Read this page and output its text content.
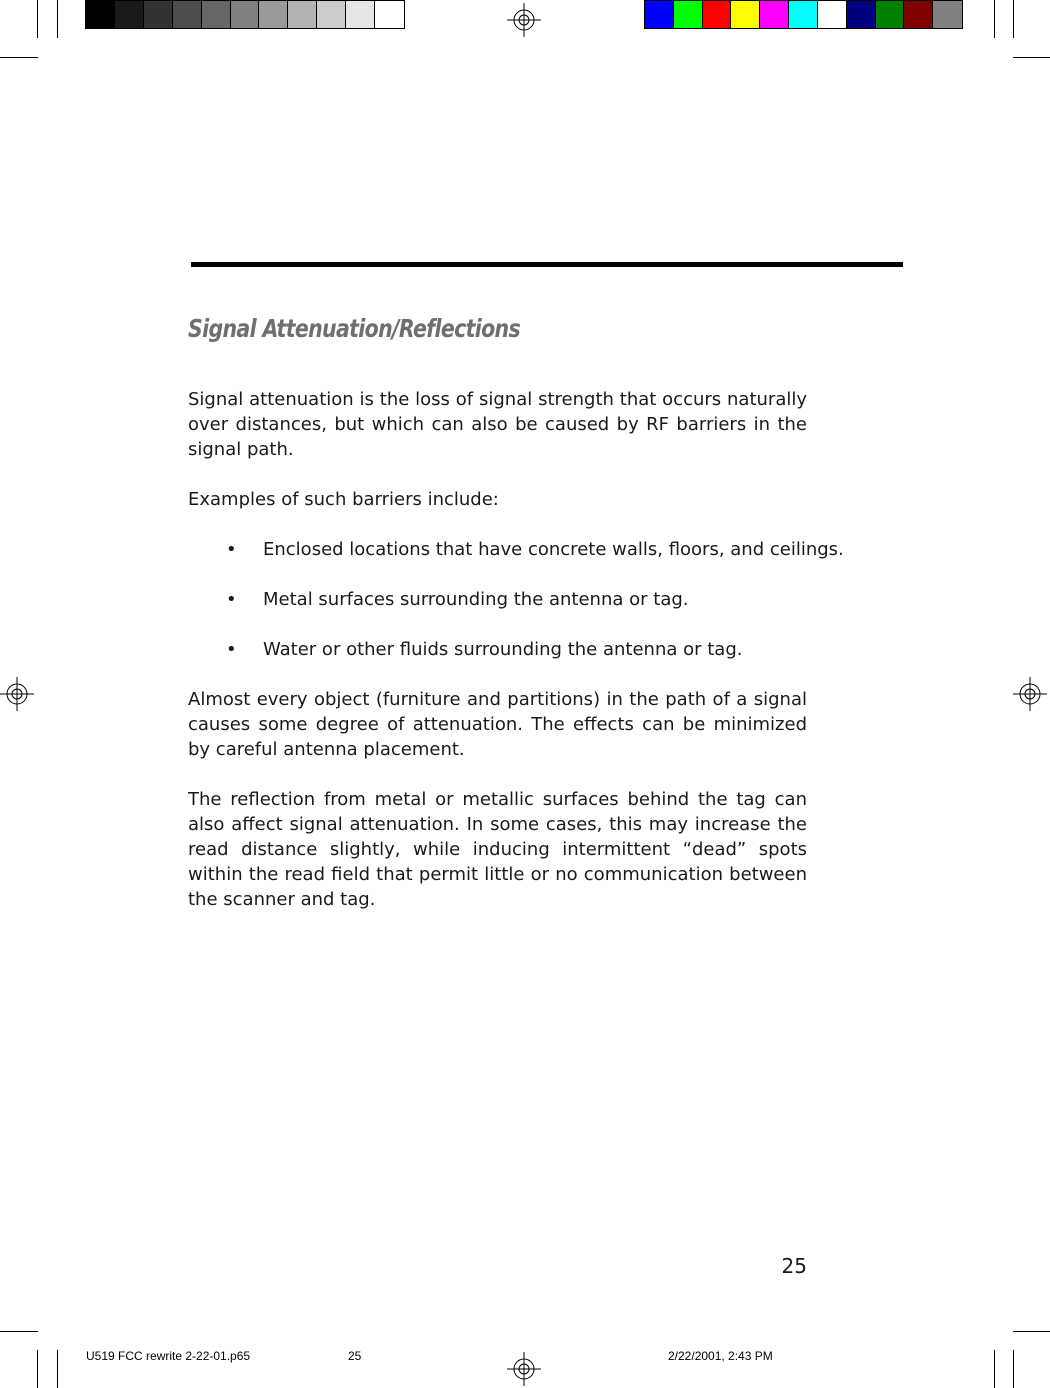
Signal Attenuation/Reflections
Signal attenuation is the loss of signal strength that occurs naturally over distances, but which can also be caused by RF barriers in the signal path.
Examples of such barriers include:
• Enclosed locations that have concrete walls, floors, and ceilings.
• Metal surfaces surrounding the antenna or tag.
• Water or other fluids surrounding the antenna or tag.
Almost every object (furniture and partitions) in the path of a signal causes some degree of attenuation. The effects can be minimized by careful antenna placement.
The reflection from metal or metallic surfaces behind the tag can also affect signal attenuation. In some cases, this may increase the read distance slightly, while inducing intermittent “dead” spots within the read field that permit little or no communication between the scanner and tag.
25
U519 FCC rewrite 2-22-01.p65	25	2/22/2001, 2:43 PM
